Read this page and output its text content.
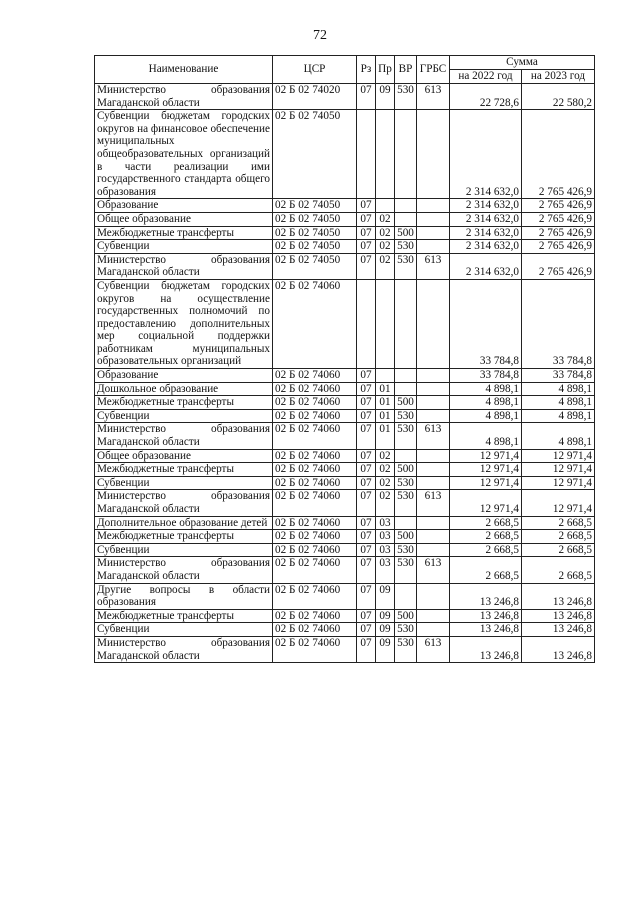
72
Наименование	ЦСР	Рз	Пр	ВР	ГРБС	Сумма	
						на 2022 год	на 2023 год
Министерство образования Магаданской области	02 Б 02 74020	07	09	530	613	22 728,6	22 580,2
Субвенции бюджетам городских округов на финансовое обеспечение муниципальных общеобразовательных организаций в части реализации ими государственного стандарта общего образования	02 Б 02 74050					2 314 632,0	2 765 426,9
Образование	02 Б 02 74050	07				2 314 632,0	2 765 426,9
Общее образование	02 Б 02 74050	07	02			2 314 632,0	2 765 426,9
Межбюджетные трансферты	02 Б 02 74050	07	02	500		2 314 632,0	2 765 426,9
Субвенции	02 Б 02 74050	07	02	530		2 314 632,0	2 765 426,9
Министерство образования Магаданской области	02 Б 02 74050	07	02	530	613	2 314 632,0	2 765 426,9
Субвенции бюджетам городских округов на осуществление государственных полномочий по предоставлению дополнительных мер социальной поддержки работникам муниципальных образовательных организаций	02 Б 02 74060					33 784,8	33 784,8
Образование	02 Б 02 74060	07				33 784,8	33 784,8
Дошкольное образование	02 Б 02 74060	07	01			4 898,1	4 898,1
Межбюджетные трансферты	02 Б 02 74060	07	01	500		4 898,1	4 898,1
Субвенции	02 Б 02 74060	07	01	530		4 898,1	4 898,1
Министерство образования Магаданской области	02 Б 02 74060	07	01	530	613	4 898,1	4 898,1
Общее образование	02 Б 02 74060	07	02			12 971,4	12 971,4
Межбюджетные трансферты	02 Б 02 74060	07	02	500		12 971,4	12 971,4
Субвенции	02 Б 02 74060	07	02	530		12 971,4	12 971,4
Министерство образования Магаданской области	02 Б 02 74060	07	02	530	613	12 971,4	12 971,4
Дополнительное образование детей	02 Б 02 74060	07	03			2 668,5	2 668,5
Межбюджетные трансферты	02 Б 02 74060	07	03	500		2 668,5	2 668,5
Субвенции	02 Б 02 74060	07	03	530		2 668,5	2 668,5
Министерство образования Магаданской области	02 Б 02 74060	07	03	530	613	2 668,5	2 668,5
Другие вопросы в области образования	02 Б 02 74060	07	09			13 246,8	13 246,8
Межбюджетные трансферты	02 Б 02 74060	07	09	500		13 246,8	13 246,8
Субвенции	02 Б 02 74060	07	09	530		13 246,8	13 246,8
Министерство образования Магаданской области	02 Б 02 74060	07	09	530	613	13 246,8	13 246,8
